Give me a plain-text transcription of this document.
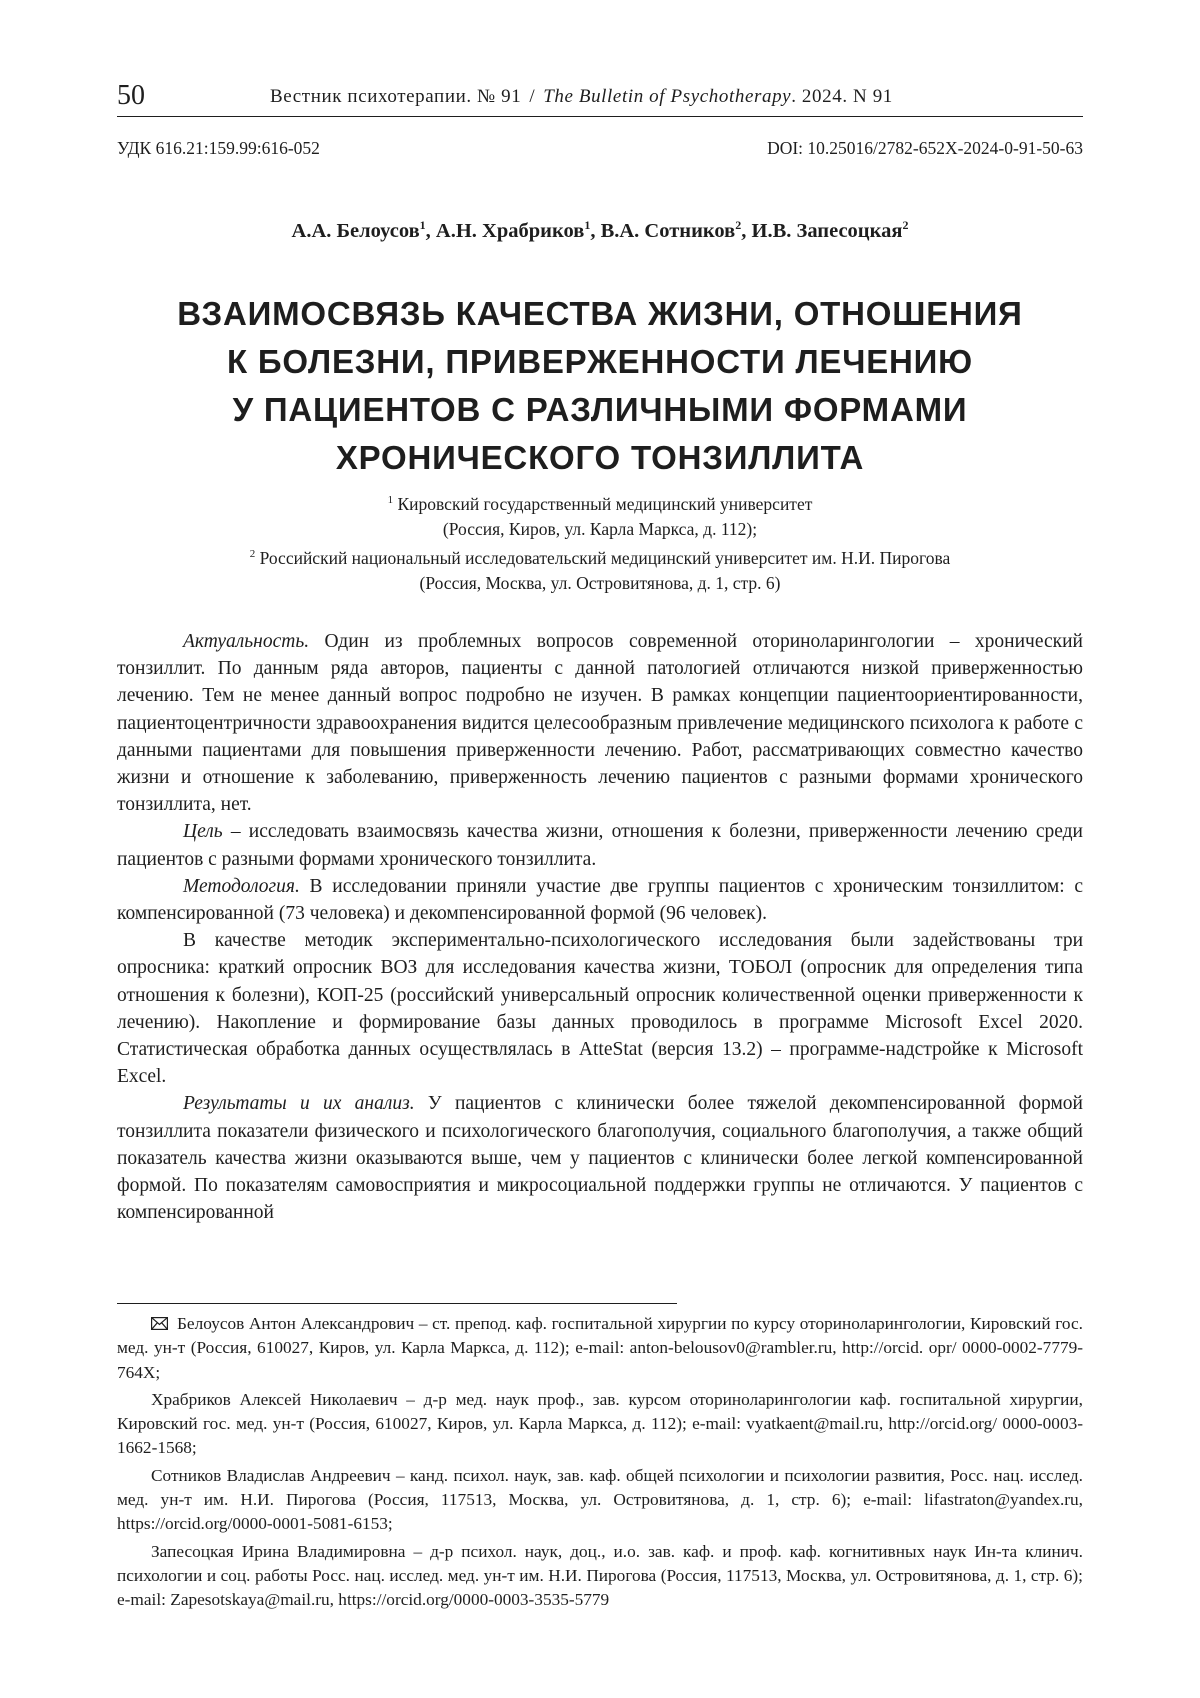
50	Вестник психотерапии. № 91 / The Bulletin of Psychotherapy. 2024. N 91
УДК 616.21:159.99:616-052	DOI: 10.25016/2782-652X-2024-0-91-50-63
А.А. Белоусов$^1$, А.Н. Храбриков$^1$, В.А. Сотников$^2$, И.В. Запесоцкая$^2$
ВЗАИМОСВЯЗЬ КАЧЕСТВА ЖИЗНИ, ОТНОШЕНИЯ
К БОЛЕЗНИ, ПРИВЕРЖЕННОСТИ ЛЕЧЕНИЮ
У ПАЦИЕНТОВ С РАЗЛИЧНЫМИ ФОРМАМИ
ХРОНИЧЕСКОГО ТОНЗИЛЛИТА
$^1$ Кировский государственный медицинский университет
(Россия, Киров, ул. Карла Маркса, д. 112);
$^2$ Российский национальный исследовательский медицинский университет им. Н.И. Пирогова
(Россия, Москва, ул. Островитянова, д. 1, стр. 6)

Актуальность. Один из проблемных вопросов современной оториноларингологии – хронический тонзиллит. По данным ряда авторов, пациенты с данной патологией отличаются низкой приверженностью лечению. Тем не менее данный вопрос подробно не изучен. В рамках концепции пациентоориентированности, пациентоцентричности здравоохранения видится целесообразным привлечение медицинского психолога к работе с данными пациентами для повышения приверженности лечению. Работ, рассматривающих совместно качество жизни и отношение к заболеванию, приверженность лечению пациентов с разными формами хронического тонзиллита, нет.

Цель – исследовать взаимосвязь качества жизни, отношения к болезни, приверженности лечению среди пациентов с разными формами хронического тонзиллита.

Методология. В исследовании приняли участие две группы пациентов с хроническим тонзиллитом: с компенсированной (73 человека) и декомпенсированной формой (96 человек).

В качестве методик экспериментально-психологического исследования были задействованы три опросника: краткий опросник ВОЗ для исследования качества жизни, ТОБОЛ (опросник для определения типа отношения к болезни), КОП-25 (российский универсальный опросник количественной оценки приверженности к лечению). Накопление и формирование базы данных проводилось в программе Microsoft Excel 2020. Статистическая обработка данных осуществлялась в AtteStat (версия 13.2) – программе-надстройке к Microsoft Excel.

Результаты и их анализ. У пациентов с клинически более тяжелой декомпенсированной формой тонзиллита показатели физического и психологического благополучия, социального благополучия, а также общий показатель качества жизни оказываются выше, чем у пациентов с клинически более легкой компенсированной формой. По показателям самовосприятия и микросоциальной поддержки группы не отличаются. У пациентов с компенсированной

Белоусов Антон Александрович – ст. препод. каф. госпитальной хирургии по курсу оториноларингологии, Кировский гос. мед. ун-т (Россия, 610027, Киров, ул. Карла Маркса, д. 112); e-mail: anton-belousov0@rambler.ru, http://orcid. opr/ 0000-0002-7779-764X;

Храбриков Алексей Николаевич – д-р мед. наук проф., зав. курсом оториноларингологии каф. госпитальной хирургии, Кировский гос. мед. ун-т (Россия, 610027, Киров, ул. Карла Маркса, д. 112); e-mail: vyatkaent@mail.ru, http://orcid.org/ 0000-0003-1662-1568;

Сотников Владислав Андреевич – канд. психол. наук, зав. каф. общей психологии и психологии развития, Росс. нац. исслед. мед. ун-т им. Н.И. Пирогова (Россия, 117513, Москва, ул. Островитянова, д. 1, стр. 6); e-mail: lifastraton@yandex.ru, https://orcid.org/0000-0001-5081-6153;

Запесоцкая Ирина Владимировна – д-р психол. наук, доц., и.о. зав. каф. и проф. каф. когнитивных наук Ин-та клинич. психологии и соц. работы Росс. нац. исслед. мед. ун-т им. Н.И. Пирогова (Россия, 117513, Москва, ул. Островитянова, д. 1, стр. 6); e-mail: Zapesotskaya@mail.ru, https://orcid.org/0000-0003-3535-5779
